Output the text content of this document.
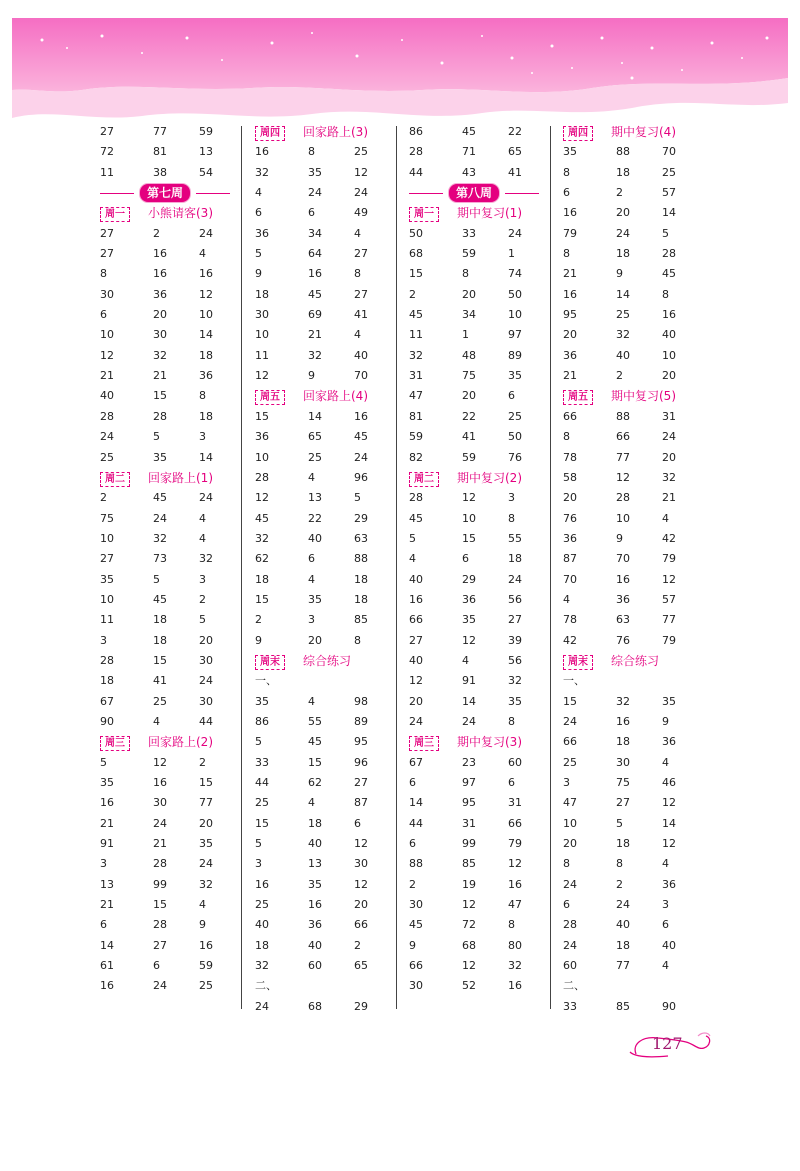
27	77	59
72	81	13
11	38	54
第七周
周一	小熊请客(3)
27	2	24
27	16	4
8	16	16
30	36	12
6	20	10
10	30	14
12	32	18
21	21	36
40	15	8
28	28	18
24	5	3
25	35	14
周二	回家路上(1)
2	45	24
75	24	4
10	32	4
27	73	32
35	5	3
10	45	2
11	18	5
3	18	20
28	15	30
18	41	24
67	25	30
90	4	44
周三	回家路上(2)
5	12	2
35	16	15
16	30	77
21	24	20
91	21	35
3	28	24
13	99	32
21	15	4
6	28	9
14	27	16
61	6	59
16	24	25
周四	回家路上(3)
16	8	25
32	35	12
4	24	24
6	6	49
36	34	4
5	64	27
9	16	8
18	45	27
30	69	41
10	21	4
11	32	40
12	9	70
周五	回家路上(4)
15	14	16
36	65	45
10	25	24
28	4	96
12	13	5
45	22	29
32	40	63
62	6	88
18	4	18
15	35	18
2	3	85
9	20	8
周末	综合练习
一、
35	4	98
86	55	89
5	45	95
33	15	96
44	62	27
25	4	87
15	18	6
5	40	12
3	13	30
16	35	12
25	16	20
40	36	66
18	40	2
32	60	65
二、
24	68	29
86	45	22
28	71	65
44	43	41
第八周
周一	期中复习(1)
50	33	24
68	59	1
15	8	74
2	20	50
45	34	10
11	1	97
32	48	89
31	75	35
47	20	6
81	22	25
59	41	50
82	59	76
周二	期中复习(2)
28	12	3
45	10	8
5	15	55
4	6	18
40	29	24
16	36	56
66	35	27
27	12	39
40	4	56
12	91	32
20	14	35
24	24	8
周三	期中复习(3)
67	23	60
6	97	6
14	95	31
44	31	66
6	99	79
88	85	12
2	19	16
30	12	47
45	72	8
9	68	80
66	12	32
30	52	16
周四	期中复习(4)
35	88	70
8	18	25
6	2	57
16	20	14
79	24	5
8	18	28
21	9	45
16	14	8
95	25	16
20	32	40
36	40	10
21	2	20
周五	期中复习(5)
66	88	31
8	66	24
78	77	20
58	12	32
20	28	21
76	10	4
36	9	42
87	70	79
70	16	12
4	36	57
78	63	77
42	76	79
周末	综合练习
一、
15	32	35
24	16	9
66	18	36
25	30	4
3	75	46
47	27	12
10	5	14
20	18	12
8	8	4
24	2	36
6	24	3
28	40	6
24	18	40
60	77	4
二、
33	85	90
127
